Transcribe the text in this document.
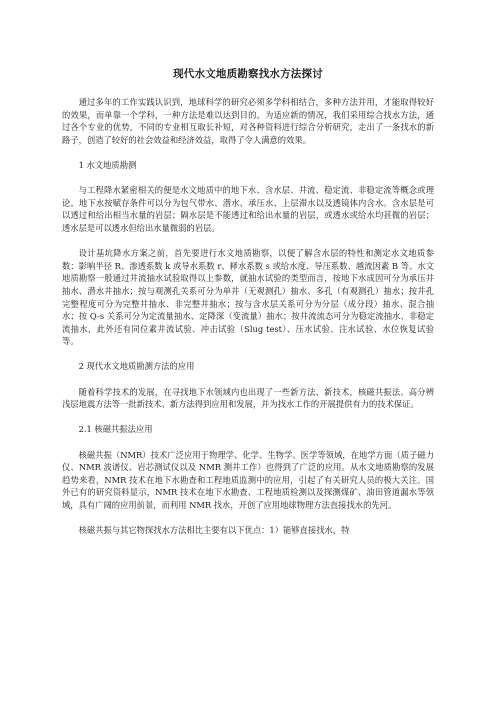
现代水文地质勘察找水方法探讨

通过多年的工作实践认识到，地球科学的研究必须多学科相结合，多种方法并用，才能取得较好的效果，而单靠一个学科，一种方法是难以达到目的。为适应新的情况，我们采用综合找水方法，通过各个专业的优势，不同的专业相互取长补短，对各种资料进行综合分析研究，走出了一条找水的新路子，创造了较好的社会效益和经济效益，取得了令人满意的效果。

1 水文地质勘测

与工程降水紧密相关的便是水文地质中的地下水、含水层、井流、稳定流、非稳定流等概念或理论。地下水按赋存条件可以分为包气带水、潜水、承压水、上层滞水以及透镜体内含水。含水层是可以透过和给出相当水量的岩层；隔水层是不能透过和给出水量的岩层，或透水或给水均甚微的岩层；透水层是可以透水但给出水量微弱的岩层。

设计基坑降水方案之前，首先要进行水文地质勘察，以便了解含水层的特性和测定水文地质参数：影响半径 R、渗透系数 k 或导水系数 r、释水系数 s 或给水度、导压系数、越流因素 B 等。水文地质勘察一般通过井流抽水试验取得以上参数，就抽水试验的类型而言，按地下水成因可分为承压井抽水、潜水井抽水；按与观测孔关系可分为单井（无观测孔）抽水、多孔（有观测孔）抽水；按井孔完整程度可分为完整井抽水、非完整井抽水；按与含水层关系可分为分层（成分段）抽水、混合抽水；按 Q-s 关系可分为定流量抽水、定降深（变流量）抽水；按井流流态可分为稳定流抽水、非稳定流抽水，此外还有同位素井流试验、冲击试验（Slug test）、压水试验、注水试验、水位恢复试验等。

2 现代水文地质勘测方法的应用

随着科学技术的发展，在寻找地下水领域内也出现了一些新方法、新技术，核磁共振法、高分辨浅层地震方法等一批新技术、新方法得到应用和发展，并为找水工作的开展提供有力的技术保证。

2.1 核磁共振法应用

核磁共振（NMR）技术广泛应用于物理学、化学、生物学、医学等领域，在地学方面（质子磁力仪、NMR 波谱仪、岩芯测试仪以及 NMR 测井工作）也得到了广泛的应用。从水文地质勘察的发展趋势来看，NMR 技术在地下水勘查和工程地质监测中的应用，引起了有关研究人员的极大关注。国外已有的研究资料显示，NMR 技术在地下水勘查、工程地质检测以及探测煤矿、油田管道漏水等领域，具有广阔的应用前景，而利用 NMR 找水，开创了应用地球物理方法直接找水的先河。

核磁共振与其它物探找水方法相比主要有以下优点：1）能够直接找水，特
